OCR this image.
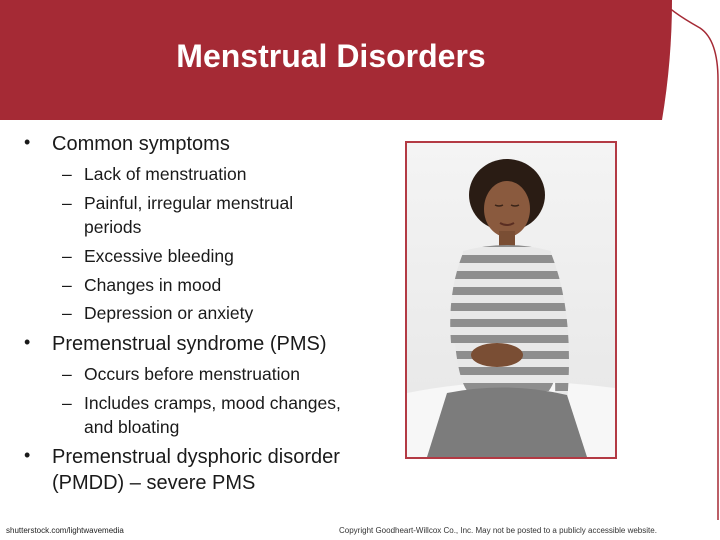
Menstrual Disorders
• Common symptoms
– Lack of menstruation
– Painful, irregular menstrual
periods
– Excessive bleeding
– Changes in mood
– Depression or anxiety
• Premenstrual syndrome (PMS)
– Occurs before menstruation
– Includes cramps, mood changes,
and bloating
• Premenstrual dysphoric disorder
(PMDD) – severe PMS
shutterstock.com/lightwavemedia	Copyright Goodheart-Willcox Co., Inc. May not be posted to a publicly accessible website.
